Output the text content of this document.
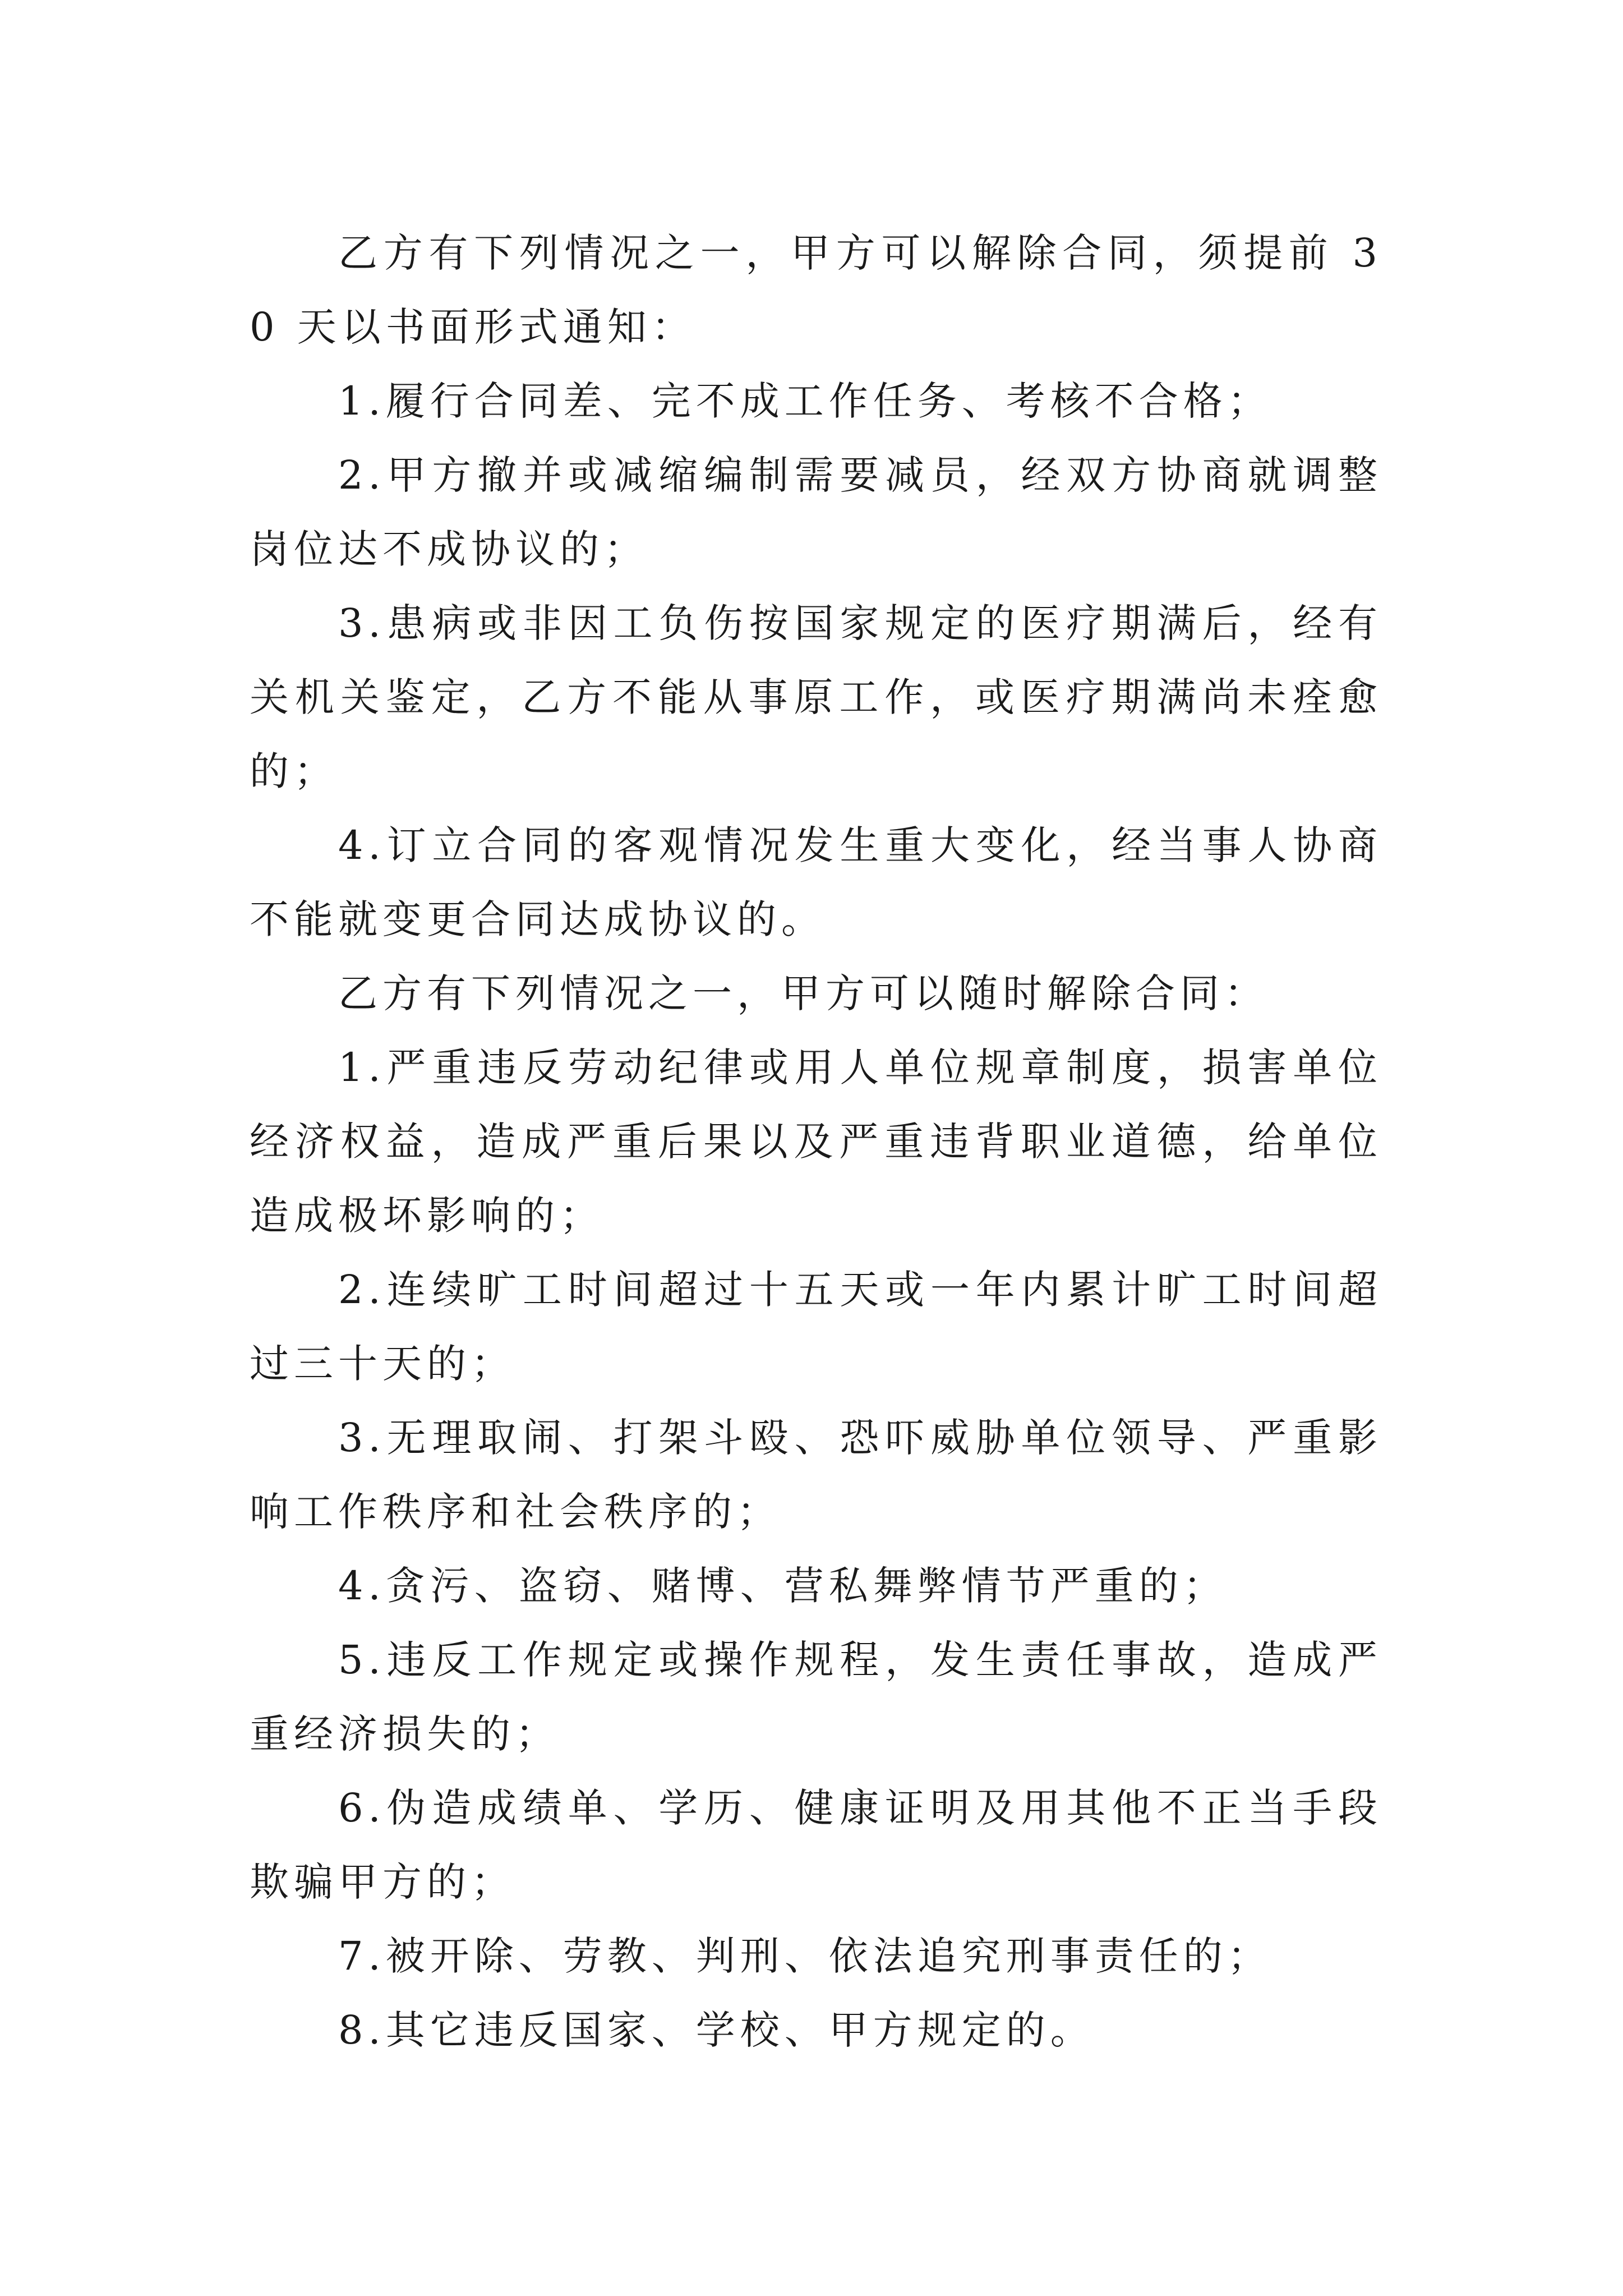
乙方有下列情况之一，甲方可以解除合同，须提前 30 天以书面形式通知：

1.履行合同差、完不成工作任务、考核不合格；

2.甲方撤并或减缩编制需要减员，经双方协商就调整岗位达不成协议的；

3.患病或非因工负伤按国家规定的医疗期满后，经有关机关鉴定，乙方不能从事原工作，或医疗期满尚未痊愈的；

4.订立合同的客观情况发生重大变化，经当事人协商不能就变更合同达成协议的。

乙方有下列情况之一，甲方可以随时解除合同：

1.严重违反劳动纪律或用人单位规章制度，损害单位经济权益，造成严重后果以及严重违背职业道德，给单位造成极坏影响的；

2.连续旷工时间超过十五天或一年内累计旷工时间超过三十天的；

3.无理取闹、打架斗殴、恐吓威胁单位领导、严重影响工作秩序和社会秩序的；

4.贪污、盗窃、赌博、营私舞弊情节严重的；

5.违反工作规定或操作规程，发生责任事故，造成严重经济损失的；

6.伪造成绩单、学历、健康证明及用其他不正当手段欺骗甲方的；

7.被开除、劳教、判刑、依法追究刑事责任的；

8.其它违反国家、学校、甲方规定的。
